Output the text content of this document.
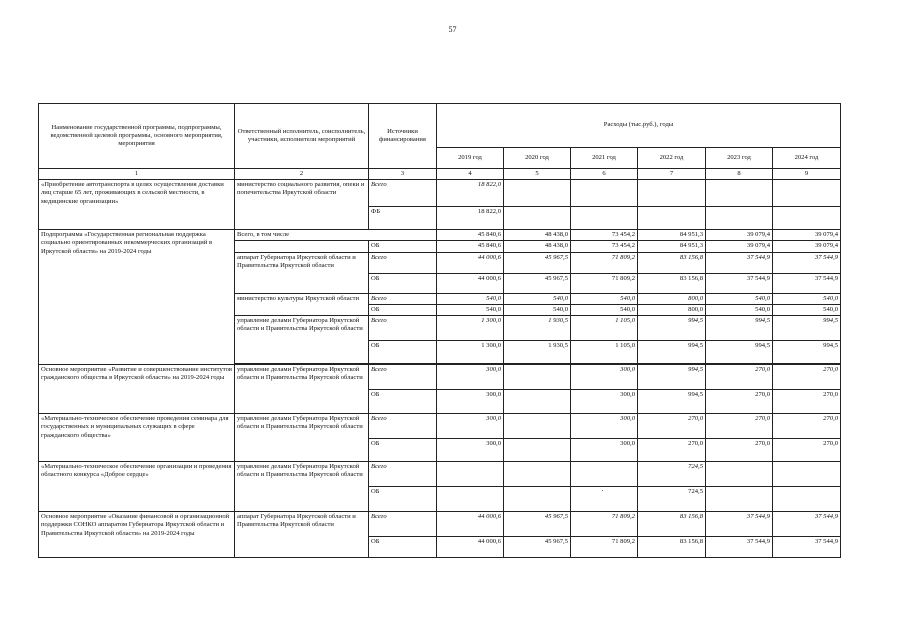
57
Наименование государственной программы, подпрограммы, ведомственной целевой программы, основного мероприятия, мероприятия	Ответственный исполнитель, соисполнитель, участники, исполнители мероприятий	Источники финансирования	Расходы (тыс.руб.), годы					
			2019 год	2020 год	2021 год	2022 год	2023 год	2024 год
1	2	3	4	5	6	7	8	9
«Приобретение автотранспорта в целях осуществления доставки лиц старше 65 лет, проживающих в сельской местности, в медицинские организации»	министерство социального развития, опеки и попечительства Иркутской области	Всего	18 822,0					
		ФБ	18 822,0					
Подпрограмма «Государственная региональная поддержка социально ориентированных некоммерческих организаций в Иркутской области» на 2019-2024 годы	Всего, в том числе		45 840,6	48 438,0	73 454,2	84 951,3	39 079,4	39 079,4
		ОБ	45 840,6	48 438,0	73 454,2	84 951,3	39 079,4	39 079,4
	аппарат Губернатора Иркутской области и Правительства Иркутской области	Всего	44 000,6	45 967,5	71 809,2	83 156,8	37 544,9	37 544,9
		ОБ	44 000,6	45 967,5	71 809,2	83 156,8	37 544,9	37 544,9
	министерство культуры Иркутской области	Всего	540,0	540,0	540,0	800,0	540,0	540,0
		ОБ	540,0	540,0	540,0	800,0	540,0	540,0
	управление делами Губернатора Иркутской области и Правительства Иркутской области	Всего	1 300,0	1 930,5	1 105,0	994,5	994,5	994,5
		ОБ	1 300,0	1 930,5	1 105,0	994,5	994,5	994,5

Основное мероприятие «Развитие и совершенствование институтов гражданского общества в Иркутской области» на 2019-2024 годы	управление делами Губернатора Иркутской области и Правительства Иркутской области	Всего	300,0		300,0	994,5	270,0	270,0
		ОБ	300,0		300,0	994,5	270,0	270,0
«Материально-техническое обеспечение проведения семинара для государственных и муниципальных служащих в сфере гражданского общества»	управление делами Губернатора Иркутской области и Правительства Иркутской области	Всего	300,0		300,0	270,0	270,0	270,0
		ОБ	300,0		300,0	270,0	270,0	270,0
«Материально-техническое обеспечение организации и проведения областного конкурса «Доброе сердце»	управление делами Губернатора Иркутской области и Правительства Иркутской области	Всего				724,5		
		ОБ				724,5		
Основное мероприятие «Оказание финансовой и организационной поддержки СОНКО аппаратом Губернатора Иркутской области и Правительства Иркутской области» на 2019-2024 годы	аппарат Губернатора Иркутской области и Правительства Иркутской области	Всего	44 000,6	45 967,5	71 809,2	83 156,8	37 544,9	37 544,9
		ОБ	44 000,6	45 967,5	71 809,2	83 156,8	37 544,9	37 544,9
